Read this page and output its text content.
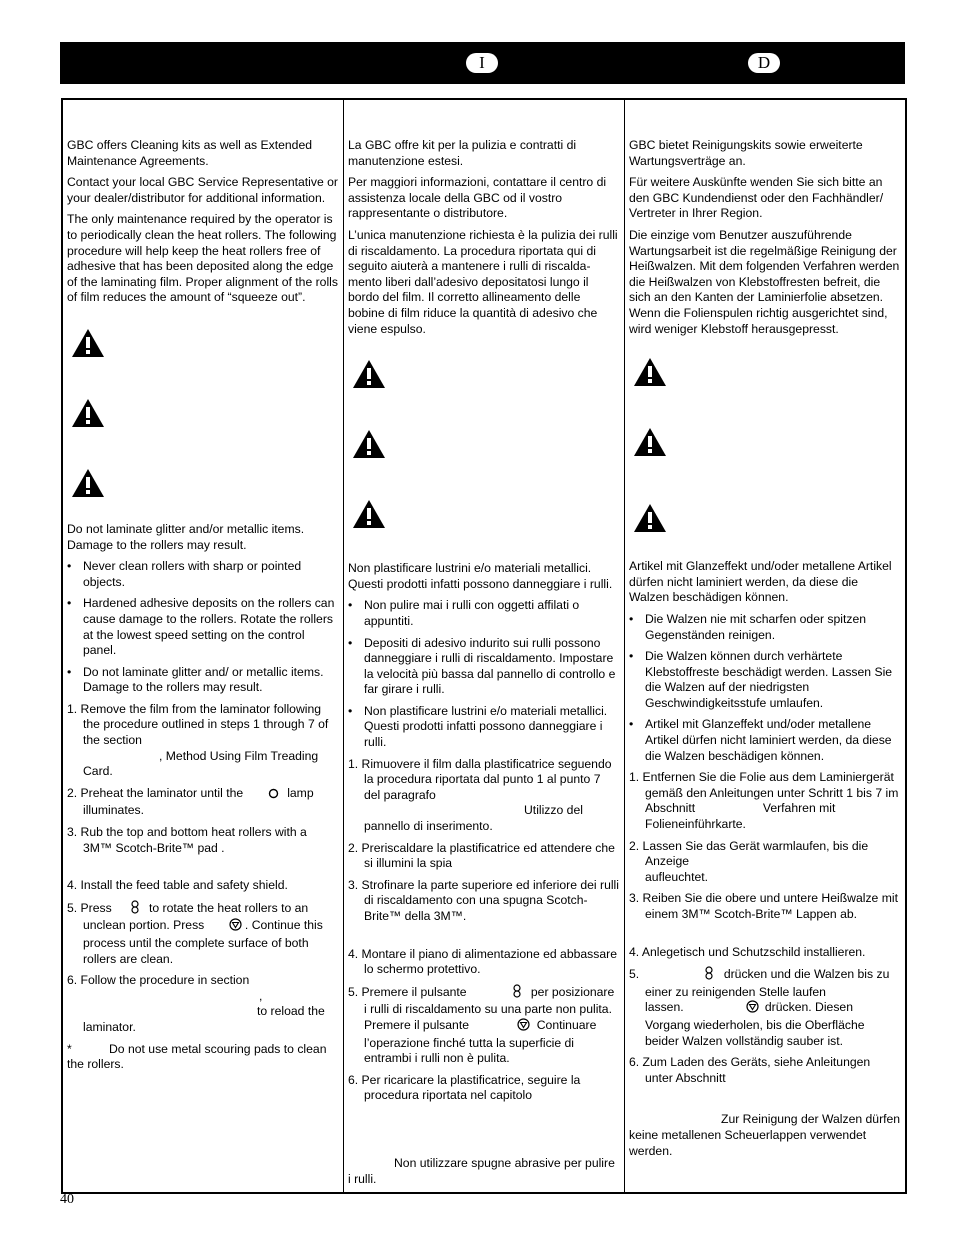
I	D

GBC offers Cleaning kits as well as Extended Maintenance Agreements.

Contact your local GBC Service Representative or your dealer/distributor for additional information.

The only maintenance required by the operator is to periodically clean the heat rollers. The following procedure will help keep the heat rollers free of adhesive that has been deposited along the edge of the laminating film. Proper alignment of the rolls of film reduces the amount of “squeeze out”.

Do not laminate glitter and/or metallic items. Damage to the rollers may result.

• Never clean rollers with sharp or pointed objects.
• Hardened adhesive deposits on the rollers can cause damage to the rollers. Rotate the rollers at the lowest speed setting on the control panel.
• Do not laminate glitter and/ or metallic items. Damage to the rollers may result.
1. Remove the film from the laminator following the procedure outlined in steps 1 through 7 of the section
, Method Using Film Treading Card.
2. Preheat the laminator until the	lamp illuminates.
3. Rub the top and bottom heat rollers with a 3M™ Scotch-Brite™ pad .
4. Install the feed table and safety shield.
5. Press	to rotate the heat rollers to an unclean portion. Press	. Continue this process until the complete surface of both rollers are clean.
6. Follow the procedure in section
,
to reload the laminator.

*	Do not use metal scouring pads to clean the rollers.

La GBC offre kit per la pulizia e contratti di manutenzione estesi.

Per maggiori informazioni, contattare il centro di assistenza locale della GBC od il vostro rappresentante o distributore.

L’unica manutenzione richiesta è la pulizia dei rulli di riscaldamento. La procedura riportata qui di seguito aiuterà a mantenere i rulli di riscalda-mento liberi dall’adesivo depositatosi lungo il bordo del film. Il corretto allineamento delle bobine di film riduce la quantità di adesivo che viene espulso.

Non plastificare lustrini e/o materiali metallici. Questi prodotti infatti possono danneggiare i rulli.

• Non pulire mai i rulli con oggetti affilati o appuntiti.
• Depositi di adesivo indurito sui rulli possono danneggiare i rulli di riscaldamento. Impostare la velocità più bassa dal pannello di controllo e far girare i rulli.
• Non plastificare lustrini e/o materiali metallici. Questi prodotti infatti possono danneggiare i rulli.
1. Rimuovere il film dalla plastificatrice seguendo la procedura riportata dal punto 1 al punto 7 del paragrafo
Utilizzo del pannello di inserimento.
2. Preriscaldare la plastificatrice ed attendere che si illumini la spia
3. Strofinare la parte superiore ed inferiore dei rulli di riscaldamento con una spugna Scotch-Brite™ della 3M™.
4. Montare il piano di alimentazione ed abbassare lo schermo protettivo.
5. Premere il pulsante	per posizionare i rulli di riscaldamento su una parte non pulita. Premere il pulsante	Continuare l’operazione finché tutta la superficie di entrambi i rulli non è pulita.
6. Per ricaricare la plastificatrice, seguire la procedura riportata nel capitolo

Non utilizzare spugne abrasive per pulire i rulli.

GBC bietet Reinigungskits sowie erweiterte Wartungsverträge an.

Für weitere Auskünfte wenden Sie sich bitte an den GBC Kundendienst oder den Fachhändler/ Vertreter in Ihrer Region.

Die einzige vom Benutzer auszuführende Wartungsarbeit ist die regelmäßige Reinigung der Heißwalzen. Mit dem folgenden Verfahren werden die Heißwalzen von Klebstoffresten befreit, die sich an den Kanten der Laminierfolie absetzen. Wenn die Folienspulen richtig ausgerichtet sind, wird weniger Klebstoff herausgepresst.

Artikel mit Glanzeffekt und/oder metallene Artikel dürfen nicht laminiert werden, da diese die Walzen beschädigen können.

• Die Walzen nie mit scharfen oder spitzen Gegenständen reinigen.
• Die Walzen können durch verhärtete Klebstoffreste beschädigt werden. Lassen Sie die Walzen auf der niedrigsten Geschwindigkeitsstufe umlaufen.
• Artikel mit Glanzeffekt und/oder metallene Artikel dürfen nicht laminiert werden, da diese die Walzen beschädigen können.
1. Entfernen Sie die Folie aus dem Laminiergerät gemäß den Anleitungen unter Schritt 1 bis 7 im Abschnitt	Verfahren mit Folieneinführkarte.
2. Lassen Sie das Gerät warmlaufen, bis die Anzeige
aufleuchtet.
3. Reiben Sie die obere und untere Heißwalze mit einem 3M™ Scotch-Brite™ Lappen ab.
4. Anlegetisch und Schutzschild installieren.
5.	drücken und die Walzen bis zu einer zu reinigenden Stelle laufen lassen.	drücken. Diesen Vorgang wiederholen, bis die Oberfläche beider Walzen vollständig sauber ist.
6. Zum Laden des Geräts, siehe Anleitungen unter Abschnitt

Zur Reinigung der Walzen dürfen keine metallenen Scheuerlappen verwendet werden.

40
